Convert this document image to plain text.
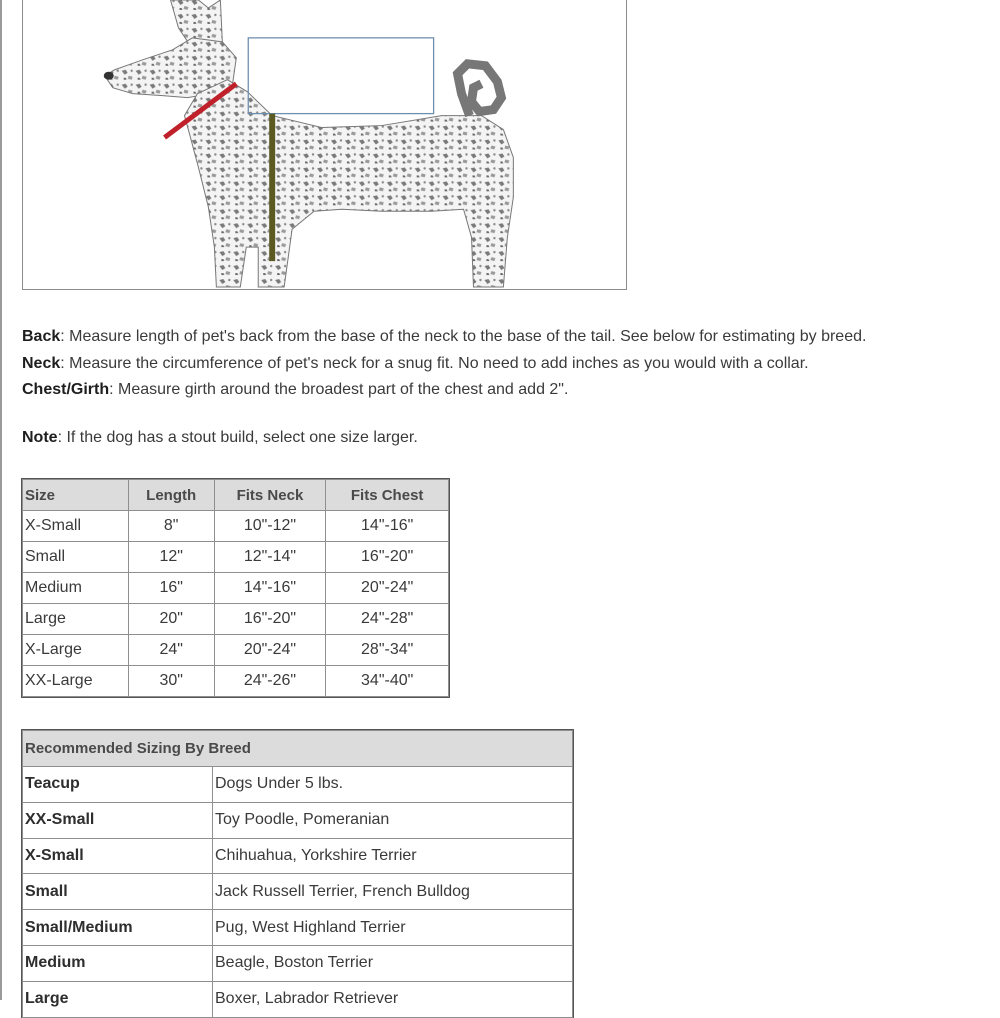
Back: Measure length of pet's back from the base of the neck to the base of the tail. See below for estimating by breed.

Neck: Measure the circumference of pet's neck for a snug fit. No need to add inches as you would with a collar.

Chest/Girth: Measure girth around the broadest part of the chest and add 2".

Note: If the dog has a stout build, select one size larger.
Size	Length	Fits Neck	Fits Chest
X-Small	8"	10"-12"	14"-16"
Small	12"	12"-14"	16"-20"
Medium	16"	14"-16"	20"-24"
Large	20"	16"-20"	24"-28"
X-Large	24"	20"-24"	28"-34"
XX-Large	30"	24"-26"	34"-40"
Recommended Sizing By Breed	
Teacup	Dogs Under 5 lbs.
XX-Small	Toy Poodle, Pomeranian
X-Small	Chihuahua, Yorkshire Terrier
Small	Jack Russell Terrier, French Bulldog
Small/Medium	Pug, West Highland Terrier
Medium	Beagle, Boston Terrier
Large	Boxer, Labrador Retriever
